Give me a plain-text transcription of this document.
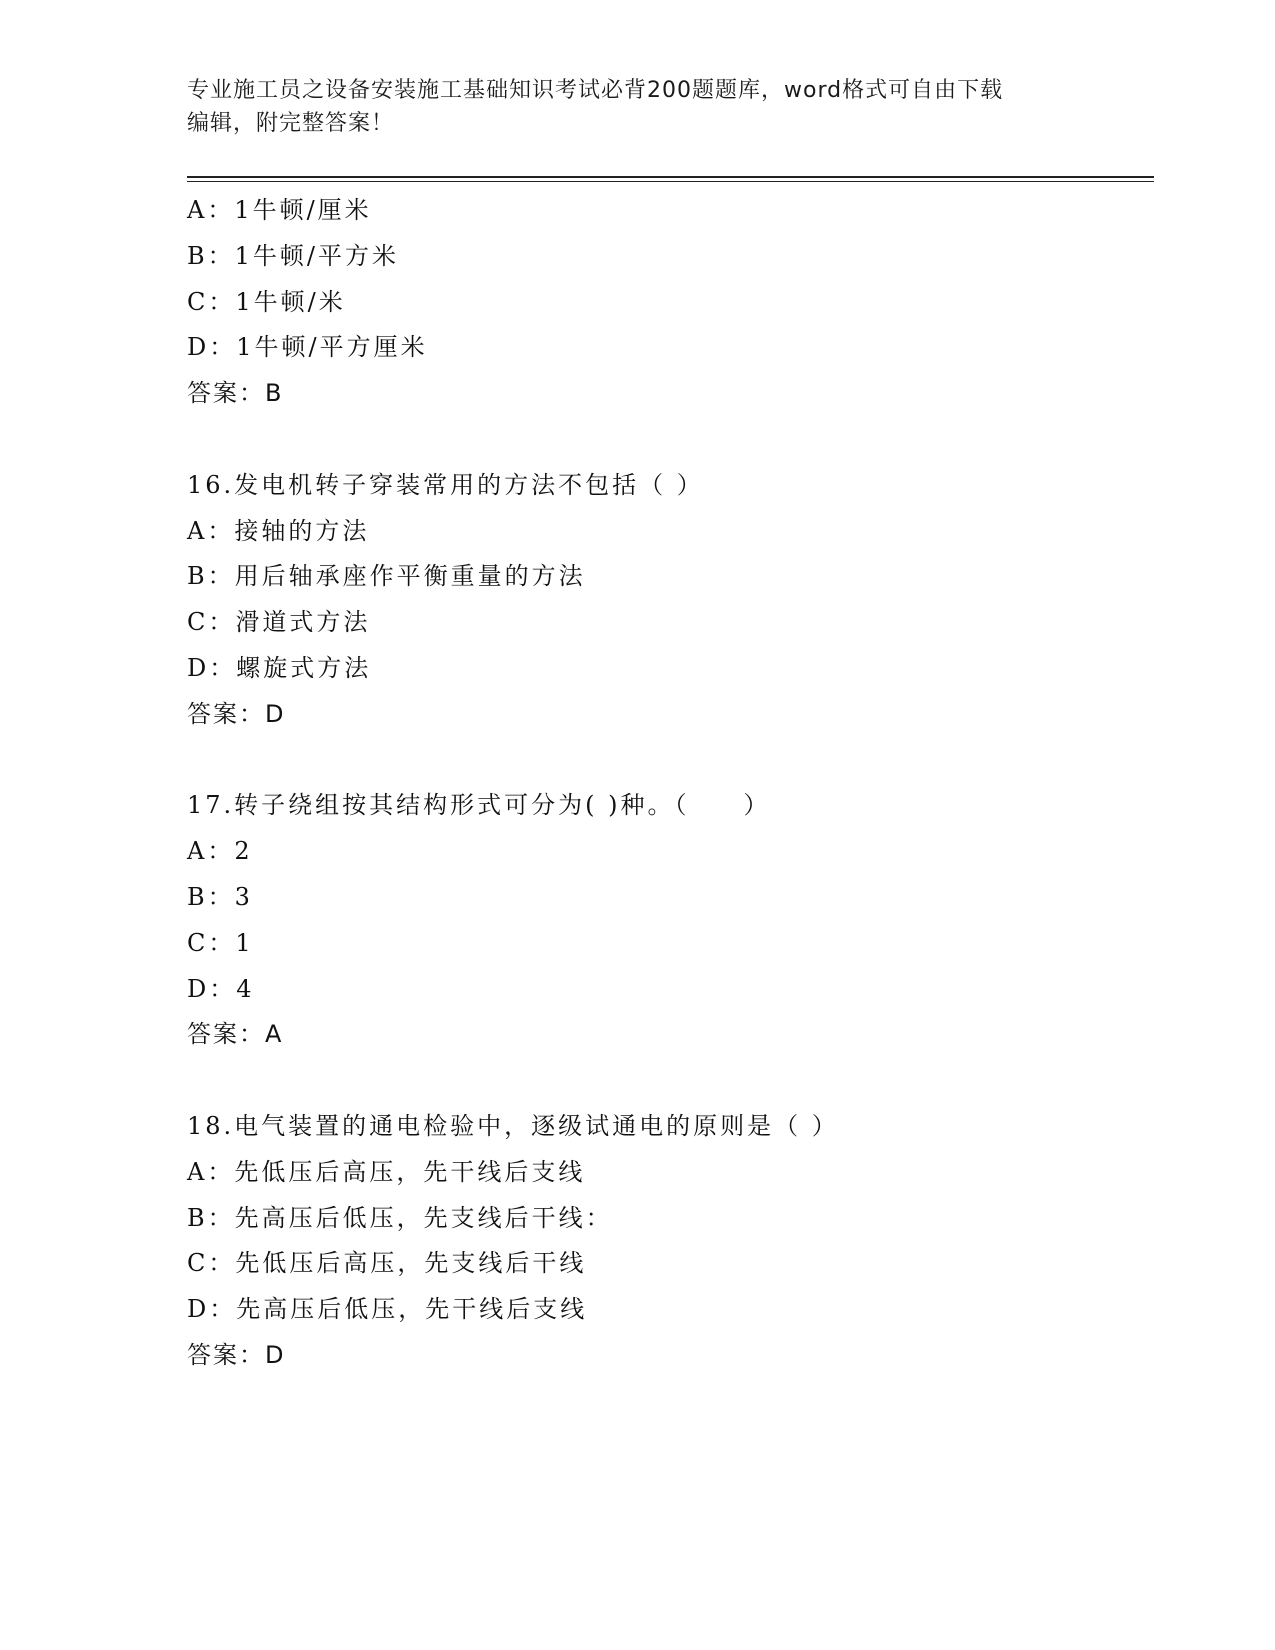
专业施工员之设备安装施工基础知识考试必背200题题库，word格式可自由下载
编辑，附完整答案！
A：1牛顿/厘米
B：1牛顿/平方米
C：1牛顿/米
D：1牛顿/平方厘米
答案：B
16.发电机转子穿装常用的方法不包括（ ）
A：接轴的方法
B：用后轴承座作平衡重量的方法
C：滑道式方法
D：螺旋式方法
答案：D
17.转子绕组按其结构形式可分为( )种。（　　）
A：2
B：3
C：1
D：4
答案：A
18.电气装置的通电检验中，逐级试通电的原则是（ ）
A：先低压后高压，先干线后支线
B：先高压后低压，先支线后干线：
C：先低压后高压，先支线后干线
D：先高压后低压，先干线后支线
答案：D
